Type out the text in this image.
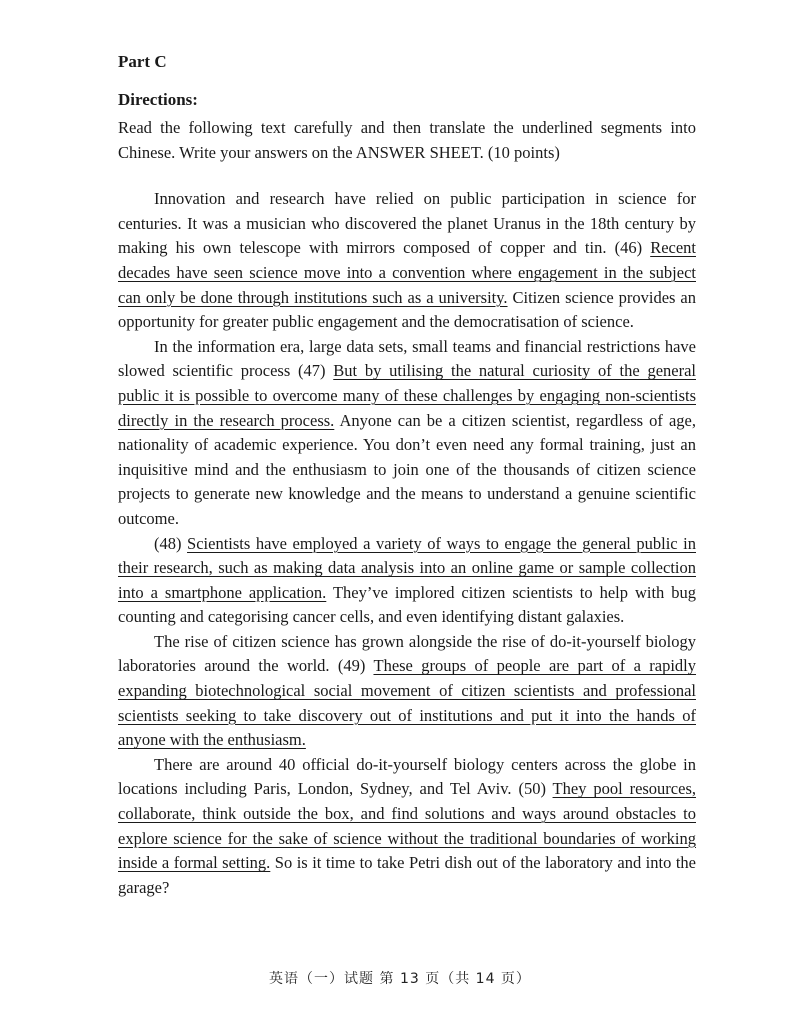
Part C
Directions:

Read the following text carefully and then translate the underlined segments into Chinese. Write your answers on the ANSWER SHEET. (10 points)

Innovation and research have relied on public participation in science for centuries. It was a musician who discovered the planet Uranus in the 18th century by making his own telescope with mirrors composed of copper and tin. (46) Recent decades have seen science move into a convention where engagement in the subject can only be done through institutions such as a university. Citizen science provides an opportunity for greater public engagement and the democratisation of science.

In the information era, large data sets, small teams and financial restrictions have slowed scientific process (47) But by utilising the natural curiosity of the general public it is possible to overcome many of these challenges by engaging non-scientists directly in the research process. Anyone can be a citizen scientist, regardless of age, nationality of academic experience. You don’t even need any formal training, just an inquisitive mind and the enthusiasm to join one of the thousands of citizen science projects to generate new knowledge and the means to understand a genuine scientific outcome.

(48) Scientists have employed a variety of ways to engage the general public in their research, such as making data analysis into an online game or sample collection into a smartphone application. They’ve implored citizen scientists to help with bug counting and categorising cancer cells, and even identifying distant galaxies.

The rise of citizen science has grown alongside the rise of do-it-yourself biology laboratories around the world. (49) These groups of people are part of a rapidly expanding biotechnological social movement of citizen scientists and professional scientists seeking to take discovery out of institutions and put it into the hands of anyone with the enthusiasm.

There are around 40 official do-it-yourself biology centers across the globe in locations including Paris, London, Sydney, and Tel Aviv. (50) They pool resources, collaborate, think outside the box, and find solutions and ways around obstacles to explore science for the sake of science without the traditional boundaries of working inside a formal setting. So is it time to take Petri dish out of the laboratory and into the garage?

英语（一）试题 第 13 页（共 14 页）
